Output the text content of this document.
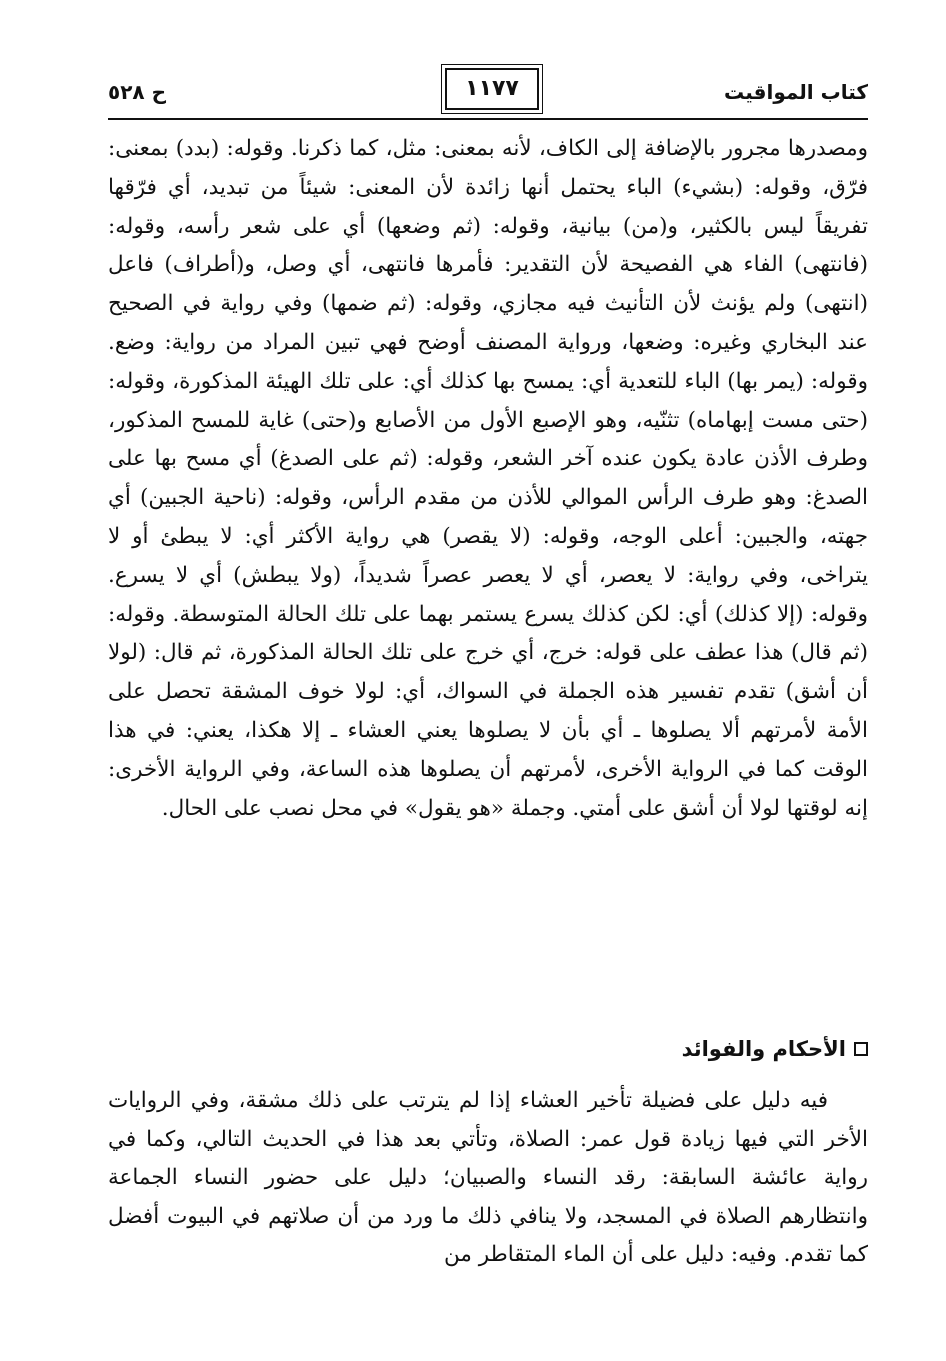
كتاب المواقيت
١١٧٧
ح ٥٢٨

ومصدرها مجرور بالإضافة إلى الكاف، لأنه بمعنى: مثل، كما ذكرنا. وقوله: (بدد) بمعنى: فرّق، وقوله: (بشيء) الباء يحتمل أنها زائدة لأن المعنى: شيئاً من تبديد، أي فرّقها تفريقاً ليس بالكثير، و(من) بيانية، وقوله: (ثم وضعها) أي على شعر رأسه، وقوله: (فانتهى) الفاء هي الفصيحة لأن التقدير: فأمرها فانتهى، أي وصل، و(أطراف) فاعل (انتهى) ولم يؤنث لأن التأنيث فيه مجازي، وقوله: (ثم ضمها) وفي رواية في الصحيح عند البخاري وغيره: وضعها، ورواية المصنف أوضح فهي تبين المراد من رواية: وضع. وقوله: (يمر بها) الباء للتعدية أي: يمسح بها كذلك أي: على تلك الهيئة المذكورة، وقوله: (حتى مست إبهاماه) تثنّيه، وهو الإصبع الأول من الأصابع و(حتى) غاية للمسح المذكور، وطرف الأذن عادة يكون عنده آخر الشعر، وقوله: (ثم على الصدغ) أي مسح بها على الصدغ: وهو طرف الرأس الموالي للأذن من مقدم الرأس، وقوله: (ناحية الجبين) أي جهته، والجبين: أعلى الوجه، وقوله: (لا يقصر) هي رواية الأكثر أي: لا يبطئ أو لا يتراخى، وفي رواية: لا يعصر، أي لا يعصر عصراً شديداً، (ولا يبطش) أي لا يسرع. وقوله: (إلا كذلك) أي: لكن كذلك يسرع يستمر بهما على تلك الحالة المتوسطة. وقوله: (ثم قال) هذا عطف على قوله: خرج، أي خرج على تلك الحالة المذكورة، ثم قال: (لولا أن أشق) تقدم تفسير هذه الجملة في السواك، أي: لولا خوف المشقة تحصل على الأمة لأمرتهم ألا يصلوها ـ أي بأن لا يصلوها يعني العشاء ـ إلا هكذا، يعني: في هذا الوقت كما في الرواية الأخرى، لأمرتهم أن يصلوها هذه الساعة، وفي الرواية الأخرى: إنه لوقتها لولا أن أشق على أمتي. وجملة «هو يقول» في محل نصب على الحال.

الأحكام والفوائد
فيه دليل على فضيلة تأخير العشاء إذا لم يترتب على ذلك مشقة، وفي الروايات الأخر التي فيها زيادة قول عمر: الصلاة، وتأتي بعد هذا في الحديث التالي، وكما في رواية عائشة السابقة: رقد النساء والصبيان؛ دليل على حضور النساء الجماعة وانتظارهم الصلاة في المسجد، ولا ينافي ذلك ما ورد من أن صلاتهم في البيوت أفضل كما تقدم. وفيه: دليل على أن الماء المتقاطر من
